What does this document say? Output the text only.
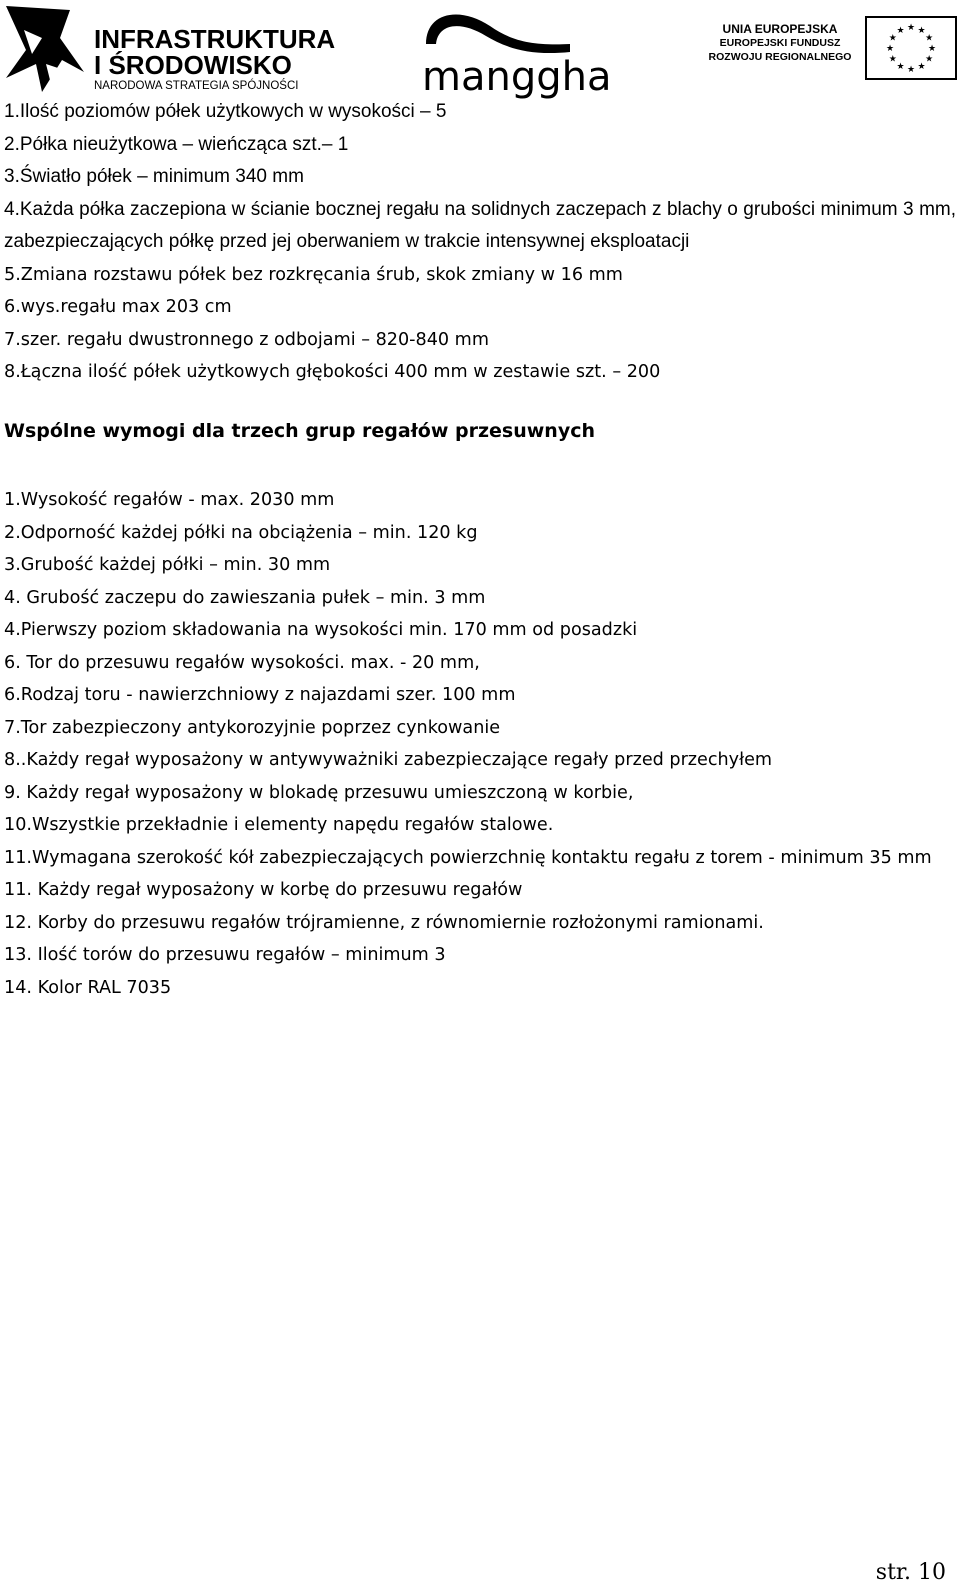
INFRASTRUKTURA
I ŚRODOWISKO
NARODOWA STRATEGIA SPÓJNOŚCI	manggha
UNIA EUROPEJSKA
EUROPEJSKI FUNDUSZ
ROZWOJU REGIONALNEGO
★
★
★
★
★
★
★
★
★ ★ ★
★
1.Ilość poziomów półek użytkowych w wysokości – 5
2.Półka nieużytkowa – wieńcząca szt.– 1
3.Światło półek – minimum 340 mm
4.Każda półka zaczepiona w ścianie bocznej regału na solidnych zaczepach z blachy o grubości minimum 3 mm, zabezpieczających półkę przed jej oberwaniem w trakcie intensywnej eksploatacji
5.Zmiana rozstawu półek bez rozkręcania śrub, skok zmiany w 16 mm
6.wys.regału max 203 cm
7.szer. regału dwustronnego z odbojami – 820-840 mm
8.Łączna ilość półek użytkowych głębokości 400 mm w zestawie szt. – 200
Wspólne wymogi dla trzech grup regałów przesuwnych
1.Wysokość regałów - max. 2030 mm
2.Odporność każdej półki na obciążenia – min. 120 kg
3.Grubość każdej półki – min. 30 mm
4. Grubość zaczepu do zawieszania pułek – min. 3 mm
4.Pierwszy poziom składowania na wysokości min. 170 mm od posadzki
6. Tor do przesuwu regałów wysokości. max. - 20 mm,
6.Rodzaj toru - nawierzchniowy z najazdami szer. 100 mm
7.Tor zabezpieczony antykorozyjnie poprzez cynkowanie
8..Każdy regał wyposażony w antywyważniki zabezpieczające regały przed przechyłem
9. Każdy regał wyposażony w blokadę przesuwu umieszczoną w korbie,
10.Wszystkie przekładnie i elementy napędu regałów stalowe.
11.Wymagana szerokość kół zabezpieczających powierzchnię kontaktu regału z torem - minimum 35 mm
11. Każdy regał wyposażony w korbę do przesuwu regałów
12. Korby do przesuwu regałów trójramienne, z równomiernie rozłożonymi ramionami.
13. Ilość torów do przesuwu regałów – minimum 3
14. Kolor RAL 7035
str. 10
